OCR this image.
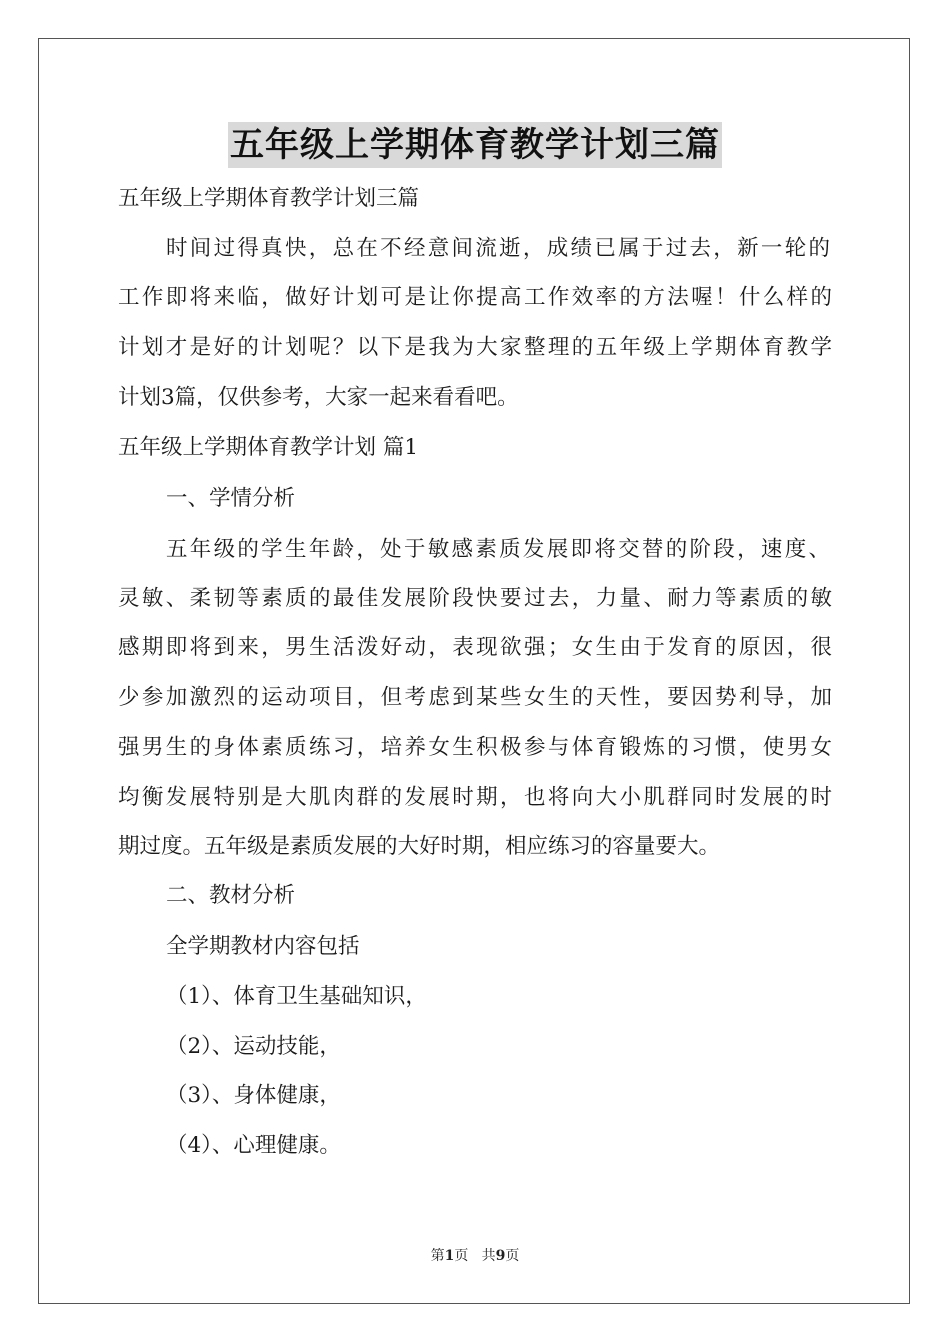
五年级上学期体育教学计划三篇
五年级上学期体育教学计划三篇
时间过得真快，总在不经意间流逝，成绩已属于过去，新一轮的
工作即将来临，做好计划可是让你提高工作效率的方法喔！什么样的
计划才是好的计划呢？以下是我为大家整理的五年级上学期体育教学
计划3篇，仅供参考，大家一起来看看吧。
五年级上学期体育教学计划 篇1
一、学情分析
五年级的学生年龄，处于敏感素质发展即将交替的阶段，速度、
灵敏、柔韧等素质的最佳发展阶段快要过去，力量、耐力等素质的敏
感期即将到来，男生活泼好动，表现欲强；女生由于发育的原因，很
少参加激烈的运动项目，但考虑到某些女生的天性，要因势利导，加
强男生的身体素质练习，培养女生积极参与体育锻炼的习惯，使男女
均衡发展特别是大肌肉群的发展时期，也将向大小肌群同时发展的时
期过度。五年级是素质发展的大好时期，相应练习的容量要大。
二、教材分析
全学期教材内容包括
（1）、体育卫生基础知识，
（2）、运动技能，
（3）、身体健康，
（4）、心理健康。
第1页 共9页
